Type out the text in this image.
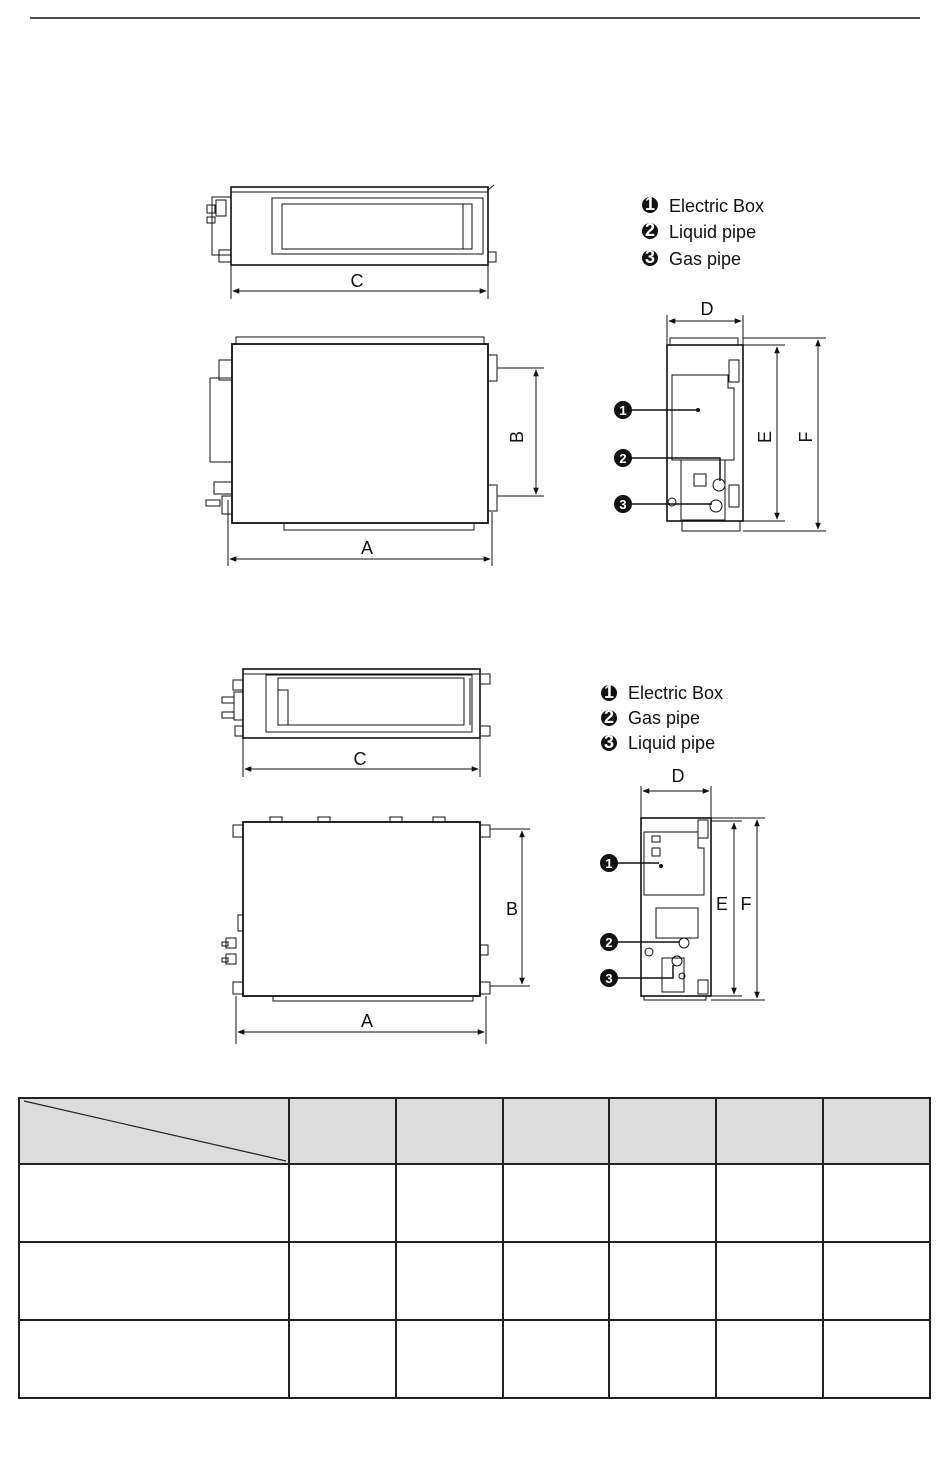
C
B
A
1 Electric Box
2 Liquid pipe
3 Gas pipe
D
E F
1
2
3
C
B
A
1 Electric Box
2 Gas pipe
3 Liquid pipe
D
E F
1
2
3
